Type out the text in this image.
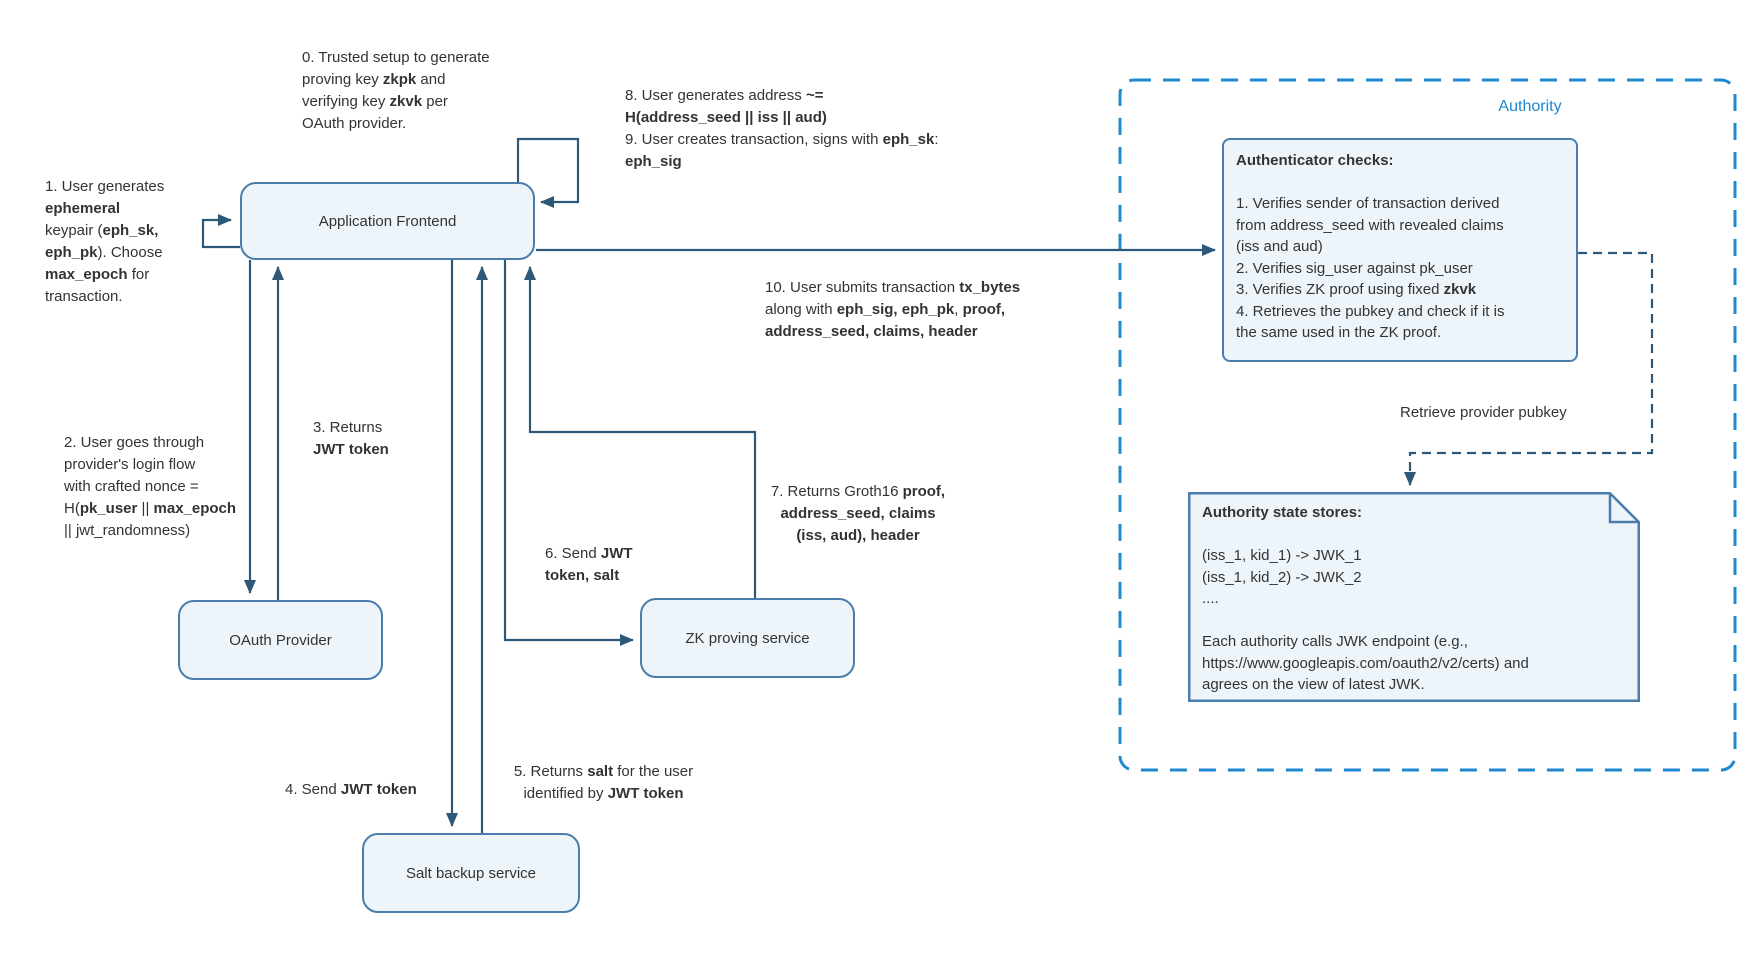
Authority
Application Frontend
OAuth Provider	ZK proving service
Salt backup service
Authenticator checks:

1. Verifies sender of transaction derived
from address_seed with revealed claims
(iss and aud)
2. Verifies sig_user against pk_user
3. Verifies ZK proof using fixed zkvk
4. Retrieves the pubkey and check if it is
the same used in the ZK proof.
Authority state stores:

(iss_1, kid_1) -> JWK_1
(iss_1, kid_2) -> JWK_2
....

Each authority calls JWK endpoint (e.g.,
https://www.googleapis.com/oauth2/v2/certs) and
agrees on the view of latest JWK.
Retrieve provider pubkey
0. Trusted setup to generate
proving key zkpk and
verifying key zkvk per
OAuth provider.
1. User generates
ephemeral
keypair (eph_sk,
eph_pk). Choose
max_epoch for
transaction.
2. User goes through
provider's login flow
with crafted nonce =
H(pk_user || max_epoch
|| jwt_randomness)
3. Returns
JWT token
4. Send JWT token
5. Returns salt for the user
identified by JWT token
6. Send JWT
token, salt
7. Returns Groth16 proof,
address_seed, claims
(iss, aud), header
8. User generates address ~=
H(address_seed || iss || aud)
9. User creates transaction, signs with eph_sk:
eph_sig
10. User submits transaction tx_bytes
along with eph_sig, eph_pk, proof,
address_seed, claims, header
